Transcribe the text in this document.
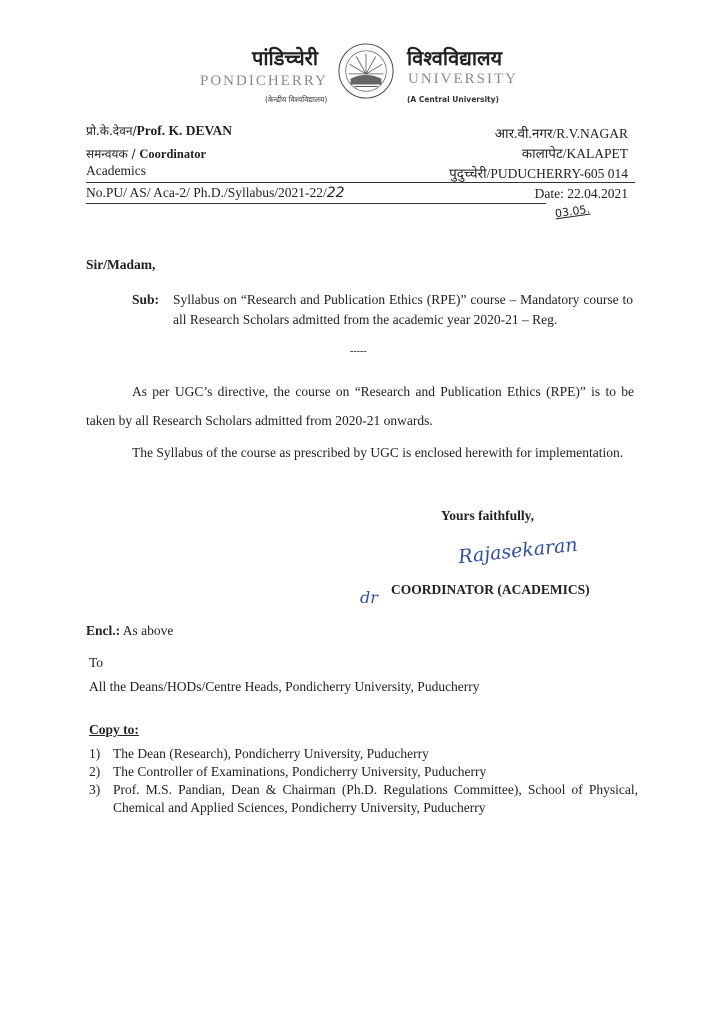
पांडिच्चेरी
PONDICHERRY
(केन्द्रीय विश्वविद्यालय)
विश्वविद्यालय
UNIVERSITY
(A Central University)
प्रो.के.देवन/Prof. K. DEVAN
समन्वयक / Coordinator
Academics
आर.वी.नगर/R.V.NAGAR
कालापेट/KALAPET
पुदुच्चेरी/PUDUCHERRY-605 014
No.PU/ AS/ Aca-2/ Ph.D./Syllabus/2021-22/22	Date: 22.04.2021
03.05.
Sir/Madam,
Sub: Syllabus on “Research and Publication Ethics (RPE)” course – Mandatory course to all Research Scholars admitted from the academic year 2020-21 – Reg.
-----
As per UGC’s directive, the course on “Research and Publication Ethics (RPE)” is to be taken by all Research Scholars admitted from 2020-21 onwards.
The Syllabus of the course as prescribed by UGC is enclosed herewith for implementation.
Yours faithfully,
Rajasekaran
dr COORDINATOR (ACADEMICS)
Encl.: As above
To
All the Deans/HODs/Centre Heads, Pondicherry University, Puducherry
Copy to:
1) The Dean (Research), Pondicherry University, Puducherry
2) The Controller of Examinations, Pondicherry University, Puducherry
3) Prof. M.S. Pandian, Dean & Chairman (Ph.D. Regulations Committee), School of Physical, Chemical and Applied Sciences, Pondicherry University, Puducherry
